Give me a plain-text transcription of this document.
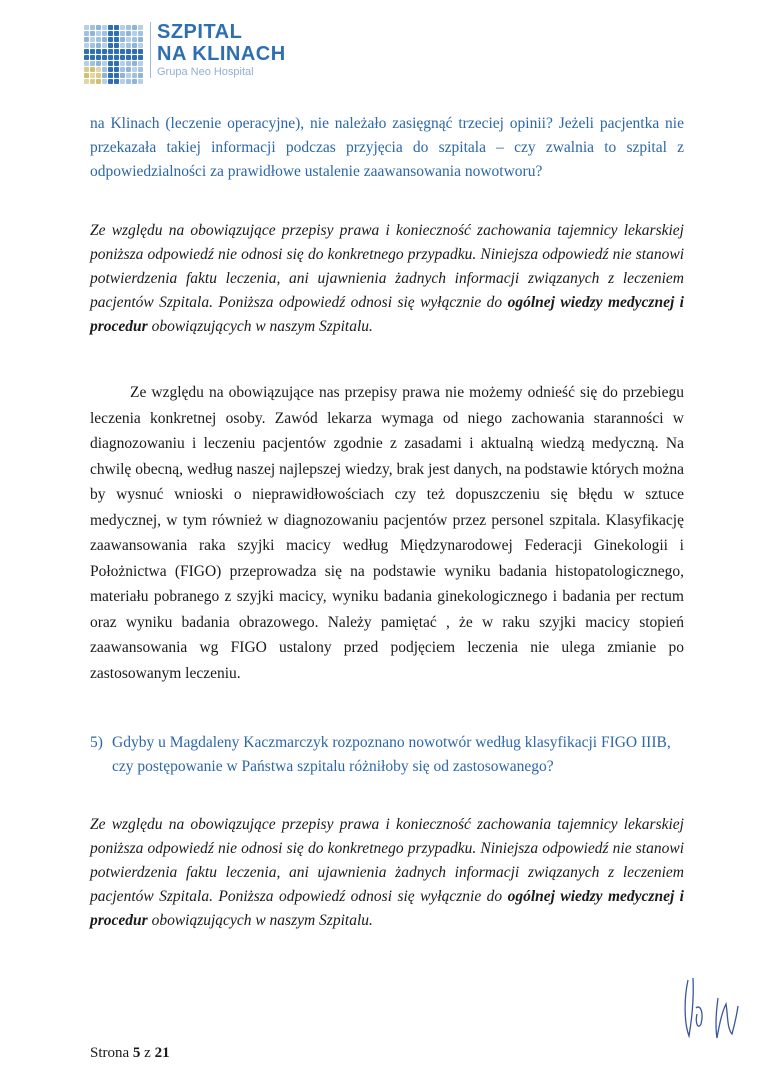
SZPITAL
NA KLINACH
Grupa Neo Hospital
na Klinach (leczenie operacyjne), nie należało zasięgnąć trzeciej opinii? Jeżeli pacjentka nie przekazała takiej informacji podczas przyjęcia do szpitala – czy zwalnia to szpital z odpowiedzialności za prawidłowe ustalenie zaawansowania nowotworu?
Ze względu na obowiązujące przepisy prawa i konieczność zachowania tajemnicy lekarskiej poniższa odpowiedź nie odnosi się do konkretnego przypadku. Niniejsza odpowiedź nie stanowi potwierdzenia faktu leczenia, ani ujawnienia żadnych informacji związanych z leczeniem pacjentów Szpitala. Poniższa odpowiedź odnosi się wyłącznie do ogólnej wiedzy medycznej i procedur obowiązujących w naszym Szpitalu.
Ze względu na obowiązujące nas przepisy prawa nie możemy odnieść się do przebiegu leczenia konkretnej osoby. Zawód lekarza wymaga od niego zachowania staranności w diagnozowaniu i leczeniu pacjentów zgodnie z zasadami i aktualną wiedzą medyczną. Na chwilę obecną, według naszej najlepszej wiedzy, brak jest danych, na podstawie których można by wysnuć wnioski o nieprawidłowościach czy też dopuszczeniu się błędu w sztuce medycznej, w tym również w diagnozowaniu pacjentów przez personel szpitala. Klasyfikację zaawansowania raka szyjki macicy według Międzynarodowej Federacji Ginekologii i Położnictwa (FIGO) przeprowadza się na podstawie wyniku badania histopatologicznego, materiału pobranego z szyjki macicy, wyniku badania ginekologicznego i badania per rectum oraz wyniku badania obrazowego. Należy pamiętać , że w raku szyjki macicy stopień zaawansowania wg FIGO ustalony przed podjęciem leczenia nie ulega zmianie po zastosowanym leczeniu.
5) Gdyby u Magdaleny Kaczmarczyk rozpoznano nowotwór według klasyfikacji FIGO IIIB, czy postępowanie w Państwa szpitalu różniłoby się od zastosowanego?
Ze względu na obowiązujące przepisy prawa i konieczność zachowania tajemnicy lekarskiej poniższa odpowiedź nie odnosi się do konkretnego przypadku. Niniejsza odpowiedź nie stanowi potwierdzenia faktu leczenia, ani ujawnienia żadnych informacji związanych z leczeniem pacjentów Szpitala. Poniższa odpowiedź odnosi się wyłącznie do ogólnej wiedzy medycznej i procedur obowiązujących w naszym Szpitalu.
Strona 5 z 21
